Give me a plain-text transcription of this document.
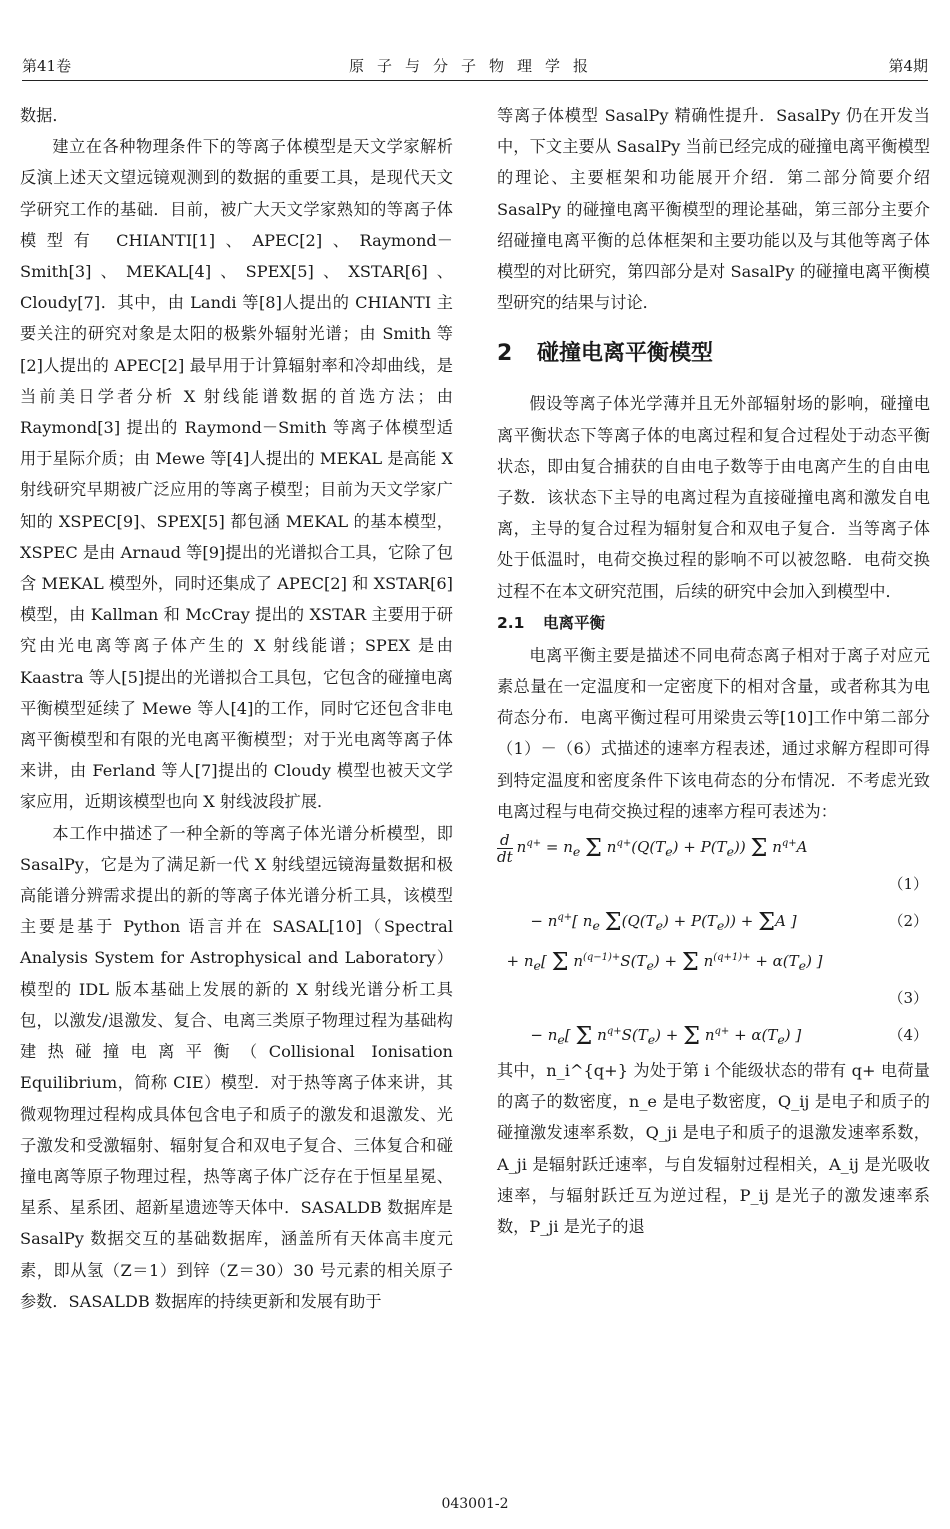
第41卷	原子与分子物理学报	第4期

数据．

建立在各种物理条件下的等离子体模型是天文学家解析反演上述天文望远镜观测到的数据的重要工具，是现代天文学研究工作的基础．目前，被广大天文学家熟知的等离子体模型有 CHIANTI[1]、APEC[2]、Raymond－Smith[3]、MEKAL[4]、SPEX[5]、XSTAR[6]、Cloudy[7]．其中，由 Landi 等[8]人提出的 CHIANTI 主要关注的研究对象是太阳的极紫外辐射光谱；由 Smith 等[2]人提出的 APEC[2] 最早用于计算辐射率和冷却曲线，是当前美日学者分析 X 射线能谱数据的首选方法；由 Raymond[3] 提出的 Raymond－Smith 等离子体模型适用于星际介质；由 Mewe 等[4]人提出的 MEKAL 是高能 X 射线研究早期被广泛应用的等离子模型；目前为天文学家广知的 XSPEC[9]、SPEX[5] 都包涵 MEKAL 的基本模型，XSPEC 是由 Arnaud 等[9]提出的光谱拟合工具，它除了包含 MEKAL 模型外，同时还集成了 APEC[2] 和 XSTAR[6] 模型，由 Kallman 和 McCray 提出的 XSTAR 主要用于研究由光电离等离子体产生的 X 射线能谱；SPEX 是由 Kaastra 等人[5]提出的光谱拟合工具包，它包含的碰撞电离平衡模型延续了 Mewe 等人[4]的工作，同时它还包含非电离平衡模型和有限的光电离平衡模型；对于光电离等离子体来讲，由 Ferland 等人[7]提出的 Cloudy 模型也被天文学家应用，近期该模型也向 X 射线波段扩展．

本工作中描述了一种全新的等离子体光谱分析模型，即 SasalPy，它是为了满足新一代 X 射线望远镜海量数据和极高能谱分辨需求提出的新的等离子体光谱分析工具，该模型主要是基于 Python 语言并在 SASAL[10]（Spectral Analysis System for Astrophysical and Laboratory）模型的 IDL 版本基础上发展的新的 X 射线光谱分析工具包，以激发/退激发、复合、电离三类原子物理过程为基础构建热碰撞电离平衡（Collisional Ionisation Equilibrium，简称 CIE）模型．对于热等离子体来讲，其微观物理过程构成具体包含电子和质子的激发和退激发、光子激发和受激辐射、辐射复合和双电子复合、三体复合和碰撞电离等原子物理过程，热等离子体广泛存在于恒星星冕、星系、星系团、超新星遗迹等天体中．SASALDB 数据库是 SasalPy 数据交互的基础数据库，涵盖所有天体高丰度元素，即从氢（Z＝1）到锌（Z＝30）30 号元素的相关原子参数．SASALDB 数据库的持续更新和发展有助于

等离子体模型 SasalPy 精确性提升．SasalPy 仍在开发当中，下文主要从 SasalPy 当前已经完成的碰撞电离平衡模型的理论、主要框架和功能展开介绍．第二部分简要介绍 SasalPy 的碰撞电离平衡模型的理论基础，第三部分主要介绍碰撞电离平衡的总体框架和主要功能以及与其他等离子体模型的对比研究，第四部分是对 SasalPy 的碰撞电离平衡模型研究的结果与讨论．

2 碰撞电离平衡模型

假设等离子体光学薄并且无外部辐射场的影响，碰撞电离平衡状态下等离子体的电离过程和复合过程处于动态平衡状态，即由复合捕获的自由电子数等于由电离产生的自由电子数．该状态下主导的电离过程为直接碰撞电离和激发自电离，主导的复合过程为辐射复合和双电子复合．当等离子体处于低温时，电荷交换过程的影响不可以被忽略．电荷交换过程不在本文研究范围，后续的研究中会加入到模型中．

2.1 电离平衡

电离平衡主要是描述不同电荷态离子相对于离子对应元素总量在一定温度和一定密度下的相对含量，或者称其为电荷态分布．电离平衡过程可用梁贵云等[10]工作中第二部分（1）－（6）式描述的速率方程表述，通过求解方程即可得到特定温度和密度条件下该电荷态的分布情况．不考虑光致电离过程与电荷交换过程的速率方程可表述为：

$\frac{d}{dt} n^{q+} = n_e$ Σ $n^{q+}(Q(T_e) + P(T_e))$ Σ $n^{q+}A$
（1）
− $n^{q+}$[ $n_e$ $\Sigma(Q(T_e) + P(T_e)) + \Sigma A$ ]	（2）
+ $n_e$[ Σ $n^{(q-1)+}S(T_e) + \Sigma$ $n^{(q+1)+} + \alpha(T_e)$ ]
（3）
− $n_e$[ Σ $n^{q+}S(T_e) + \Sigma$ $n^{q+} + \alpha(T_e)$ ]	（4）

其中，n_i^{q+} 为处于第 i 个能级状态的带有 q+ 电荷量的离子的数密度，n_e 是电子数密度，Q_ij 是电子和质子的碰撞激发速率系数，Q_ji 是电子和质子的退激发速率系数，A_ji 是辐射跃迁速率，与自发辐射过程相关，A_ij 是光吸收速率，与辐射跃迁互为逆过程，P_ij 是光子的激发速率系数，P_ji 是光子的退

043001-2
